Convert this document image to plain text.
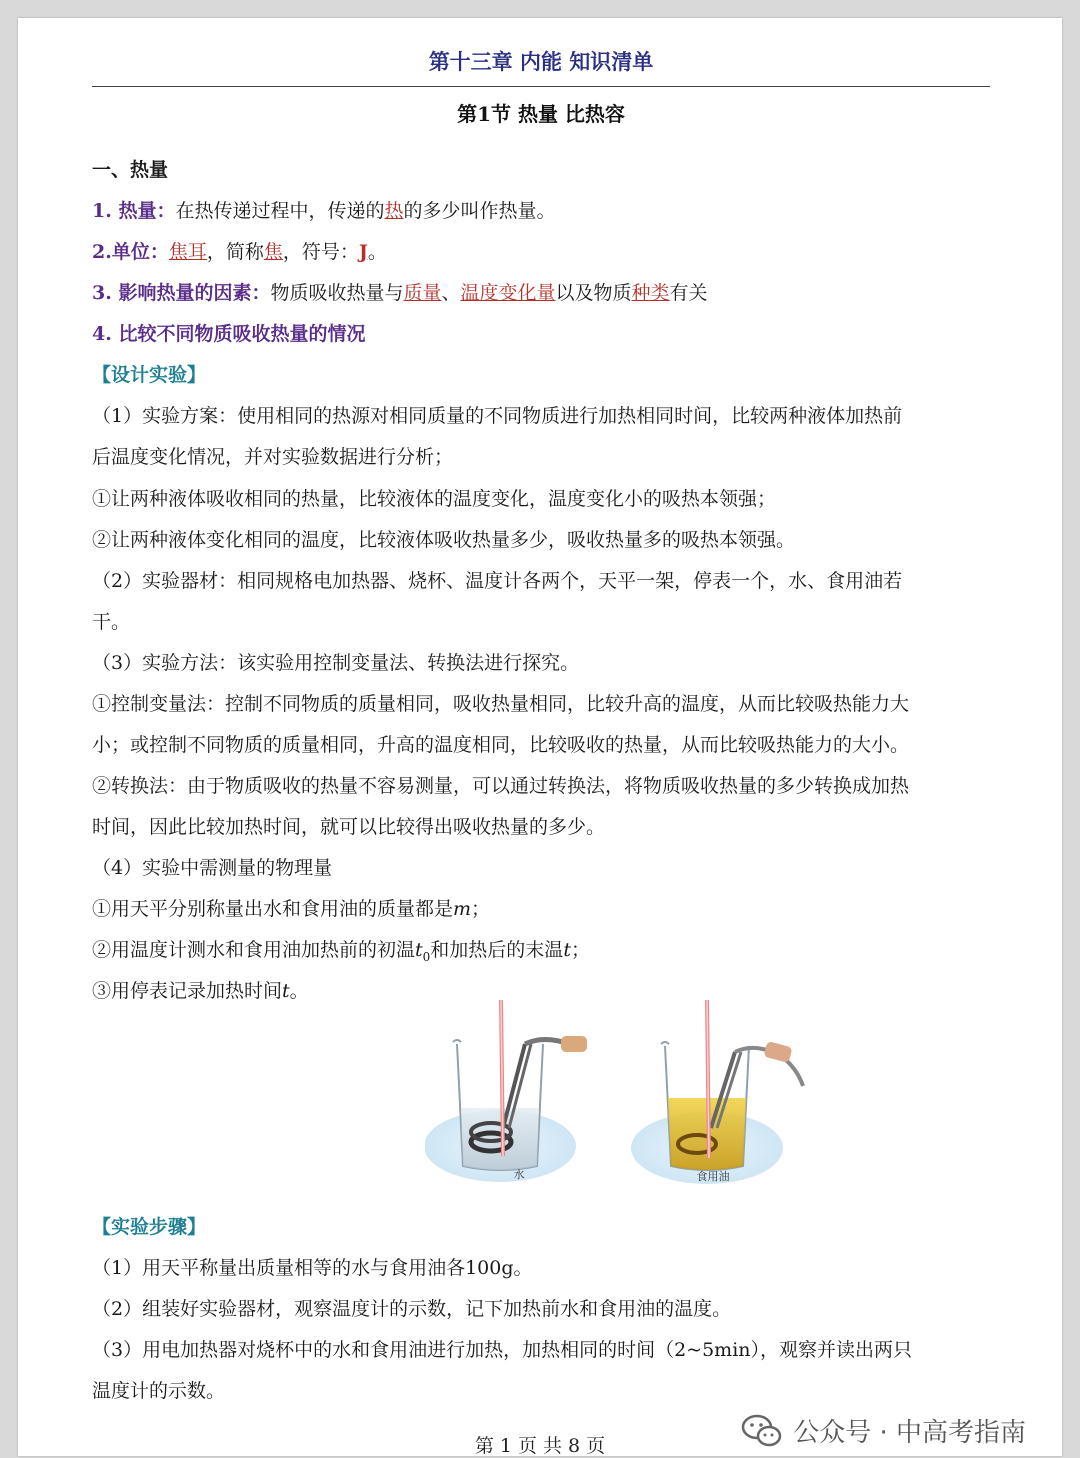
第十三章 内能 知识清单
第1节 热量 比热容
一、热量
1. 热量：在热传递过程中，传递的热的多少叫作热量。
2.单位：焦耳，简称焦，符号：J。
3. 影响热量的因素：物质吸收热量与质量、温度变化量以及物质种类有关
4. 比较不同物质吸收热量的情况
【设计实验】
（1）实验方案：使用相同的热源对相同质量的不同物质进行加热相同时间，比较两种液体加热前
后温度变化情况，并对实验数据进行分析；
①让两种液体吸收相同的热量，比较液体的温度变化，温度变化小的吸热本领强；
②让两种液体变化相同的温度，比较液体吸收热量多少，吸收热量多的吸热本领强。
（2）实验器材：相同规格电加热器、烧杯、温度计各两个，天平一架，停表一个，水、食用油若
干。
（3）实验方法：该实验用控制变量法、转换法进行探究。
①控制变量法：控制不同物质的质量相同，吸收热量相同，比较升高的温度，从而比较吸热能力大
小；或控制不同物质的质量相同，升高的温度相同，比较吸收的热量，从而比较吸热能力的大小。
②转换法：由于物质吸收的热量不容易测量，可以通过转换法，将物质吸收热量的多少转换成加热
时间，因此比较加热时间，就可以比较得出吸收热量的多少。
（4）实验中需测量的物理量
①用天平分别称量出水和食用油的质量都是m；
②用温度计测水和食用油加热前的初温$t_0$和加热后的末温t；
③用停表记录加热时间t。
水	食用油
【实验步骤】
（1）用天平称量出质量相等的水与食用油各100g。
（2）组装好实验器材，观察温度计的示数，记下加热前水和食用油的温度。
（3）用电加热器对烧杯中的水和食用油进行加热，加热相同的时间（2~5min），观察并读出两只
温度计的示数。
第 1 页 共 8 页	公众号 · 中高考指南
